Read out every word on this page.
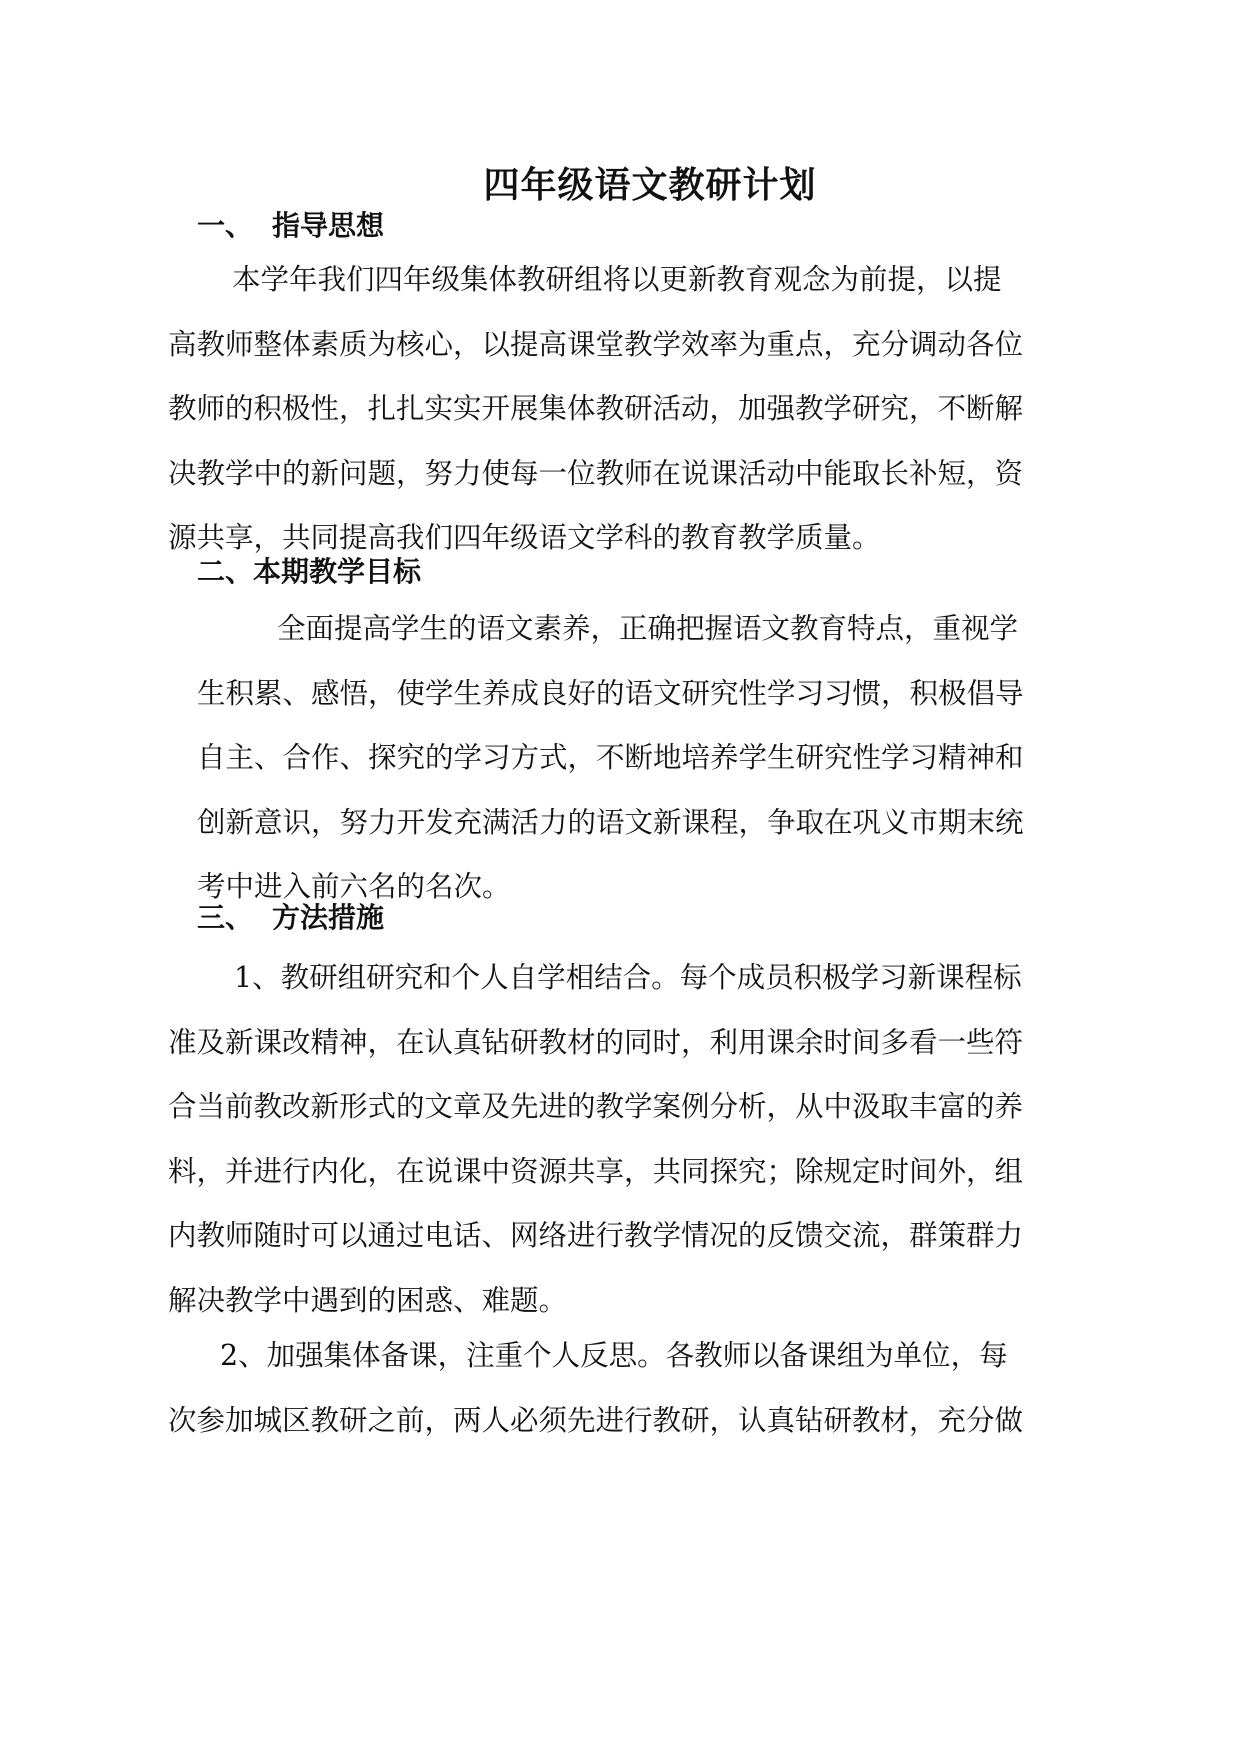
四年级语文教研计划
一、 指导思想
本学年我们四年级集体教研组将以更新教育观念为前提，以提
高教师整体素质为核心，以提高课堂教学效率为重点，充分调动各位
教师的积极性，扎扎实实开展集体教研活动，加强教学研究，不断解
决教学中的新问题，努力使每一位教师在说课活动中能取长补短，资
源共享，共同提高我们四年级语文学科的教育教学质量。
二、本期教学目标
全面提高学生的语文素养，正确把握语文教育特点，重视学
生积累、感悟，使学生养成良好的语文研究性学习习惯，积极倡导
自主、合作、探究的学习方式，不断地培养学生研究性学习精神和
创新意识，努力开发充满活力的语文新课程，争取在巩义市期末统
考中进入前六名的名次。
三、 方法措施
1、教研组研究和个人自学相结合。每个成员积极学习新课程标
准及新课改精神，在认真钻研教材的同时，利用课余时间多看一些符
合当前教改新形式的文章及先进的教学案例分析，从中汲取丰富的养
料，并进行内化，在说课中资源共享，共同探究；除规定时间外，组
内教师随时可以通过电话、网络进行教学情况的反馈交流，群策群力
解决教学中遇到的困惑、难题。
2、加强集体备课，注重个人反思。各教师以备课组为单位，每
次参加城区教研之前，两人必须先进行教研，认真钻研教材，充分做
